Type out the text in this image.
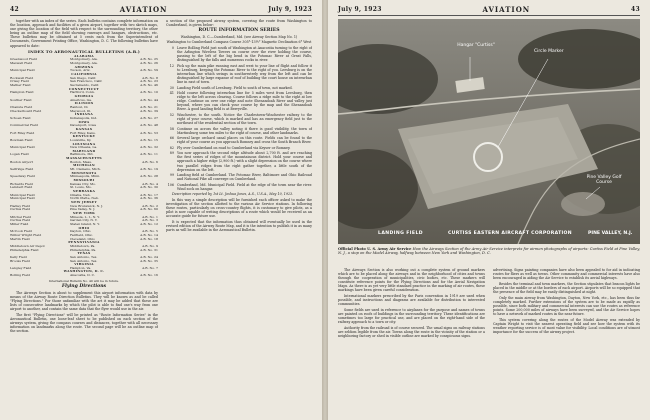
42	AVIATION	July 9, 1923

together with an index of the series. Each bulletin contains complete information on the location, approach and facilities of a given airport, together with two sketch maps, one giving the location of the field with respect to the surrounding territory, the other being an outline map of the field showing runways and hangars, obstructions, etc. These bulletins may be obtained at 5 cents each from the Superintendent of Documents, Government Printing Office, Washington, D. C. The following bulletins have appeared to date:

INDEX TO AERONAUTICAL BULLETINS (A.B.)
ALABAMA		
Greenwood Field	Montgomery, Ala.	A.B. No. 25
Maxwell Field	Montgomery, Ala.	A.B. No. 26
ARIZONA		
Municipal Field	Tucson, Ariz.	A.B. No. 59
CALIFORNIA		
Rockwell Field	San Diego, Calif.	A.B. No. 8
Crissy Field	San Francisco, Calif.	A.B. No. 23
Mather Field	Sacramento, Calif.	A.B. No. 46
CONNECTICUT		
Hampton Field	Hartford, Conn.	A.B. No. 10
GEORGIA		
Souther Field	Americus, Ga.	A.B. No. 44
ILLINOIS		
Chanute Field	Rantoul, Ill.	A.B. No. 21
Checkerboard Field	Maywood, Ill.	A.B. No. 39
INDIANA		
Schoen Field	Indianapolis, Ind.	A.B. No. 27
IOWA		
Commercial Field	Davenport, Iowa	A.B. No. 48
KANSAS		
Fort Riley Field	Fort Riley, Kans.	A.B. No. 53
KENTUCKY		
Bowman Field	Louisville, Ky.	A.B. No. 15
LOUISIANA		
Municipal Field	New Orleans, La.	A.B. No. 32
MARYLAND		
Logan Field	Baltimore, Md.	A.B. No. 11
MASSACHUSETTS		
Boston Airport	Boston, Mass.	A.B. No. 6
MICHIGAN		
Selfridge Field	Mt. Clemens, Mich.	A.B. No. 19
MINNESOTA		
Speedway Field	Minneapolis, Minn.	A.B. No. 28
MISSOURI		
Richards Field	Kansas City, Mo.	A.B. No. 4
Lambert Field	St. Louis, Mo.	A.B. No. 30
NEBRASKA		
Municipal Field	Omaha, Neb.	A.B. No. 17
Municipal Field	North Platte, Neb.	A.B. No. 36
NEW JERSEY		
Hadley Field	New Brunswick, N. J.	A.B. No. 2
Curtiss Field	Pine Valley, N. J.	A.B. No. 60
NEW YORK		
Mitchel Field	Mineola, L. I., N. Y.	A.B. No. 1
Curtiss Field	Garden City, N. Y.	A.B. No. 3
Miller Field	Staten Island, N. Y.	A.B. No. 12
OHIO		
McCook Field	Dayton, Ohio	A.B. No. 5
Wilbur Wright Field	Fairfield, Ohio	A.B. No. 14
Martin Field	Cleveland, Ohio	A.B. No. 18
PENNSYLVANIA		
Middletown Air Depot	Middletown, Pa.	A.B. No. 9
Philadelphia Field	Philadelphia, Pa.	A.B. No. 31
TEXAS		
Kelly Field	San Antonio, Tex.	A.B. No. 24
Brooks Field	San Antonio, Tex.	A.B. No. 35
VIRGINIA		
Langley Field	Hampton, Va.	A.B. No. 7
WASHINGTON, D. C.		
Bolling Field	Anacostia, D. C.	A.B. No. 16
International Bulletin No. 40 will be in future.
Flying Directions

The Airways Section is about to supplement this airport information with data by means of the Airway Route Direction Bulletins. They will be known as and be called "Flying Directions." For those unfamiliar with the art it may be added that these are lists of consecutive landmarks by which the pilot is able to find one's way from one airport to another, and contain the same data that the flyer would use in the air.

The first "Flying Directions" will be printed as "Route Information Series" in the Aeronautical Bulletin, one loose-leaf sheet to be published on each section of the airways system, giving the compass courses and distances, together with all necessary information on landmarks along the route. The second page will be an outline map of the section.

a section of the proposed airway system, covering the route from Washington to Cumberland, is given below:

ROUTE INFORMATION SERIES
Washington, D. C.—Cumberland, Md. (see Airway Section Map No. 1)
Washington to Cumberland Compass Course 305°-13½° Magnetic Declination 6° West
0 Leave Bolling Field just south of Washington at Anacostia turning to the right of the Arlington Wireless Towers on course over the river holding the course, passing to the left of the big bend in the Potomac River at Great Falls, distinguished by the falls and numerous rocks in river.
12 Pick up the main pike running east and west to your line of flight and follow it to Leesburg, keeping the Potomac River to the right of you. Leesburg is on the interurban line which swings in southwesterly way from the left and can be distinguished by large expanse of roof of building the court house on interurban line in east of town.
30 Landing Field south of Leesburg. Field to south of town, not marked.
41 Hold course following interurban line for 5 miles west from Leesburg, then ridge to the left across clearing. Course follows a ridge mile to the right at low ridge. Continue on over one ridge and note Shenandoah River and valley just beyond, where you can check your course by the map and the Shenandoah River. A good landing field is at Berryville.
52 Winchester, to the south. Notice the Charlestown-Winchester railway to the right of your course, which is marked and has an emergency field just to the northeast of the residential section of the town.
58 Continue on across the valley noting it there is good visibility, the town of Martinsburg some ten miles to the right of course, and other landmarks.
66 Several large orchard canal places on this route. Fields can be found to the right of your course as you approach Romney and cross the South Branch River.
82 Fly over Cumberland on road to Cumberland via Keyser or Romney.
89 You now approach the second ridge altitude about 2,700 ft. and are reaching the first series of ridges of the mountainous district. Hold your course and approach a higher ridge (2,900 ft.) with a slight depression on the course where two parallel ridges from the right gather together, a little south of the depression on the left.
99 Landing field at Cumberland. The Potomac River, Baltimore and Ohio Railroad and National Pike all converge on Cumberland.
106 Cumberland, Md. Municipal Field. Field at the edge of the town near the river. Wind sock on hangar.

Description reported by 1st Lt. Joshua Jones, A.S., U.S.A., May 10, 1923.

In this way a simple description will be furnished each officer asked to make the investigation of the section allotted to the various Air Service stations. In following these routes, particularly on cross-country flights, it is customary to give pilots, as a pilot is now capable of writing descriptions of a route which would be received as an accurate guide for future use.

It is expected that the information thus obtained will eventually be used in the revised edition of the Airway Route Map, and it is the intention to publish it in as many parts as will be available in the Aeronautical Bulletin.

July 9, 1923	AVIATION	43
Hangar "Curtiss"
Circle Marker
Pine Valley Golf Course
LANDING FIELD	CURTISS EASTERN AIRCRAFT CORPORATION	PINE VALLEY, N.J.
Official Photo U. S. Army Air Service How the Airways Section of the Army Air Service interprets for airmen photographs of airports: Curtiss Field at Pine Valley, N. J., a stop on the Model Airway, halfway between New York and Washington, D. C.

The Airways Section is also working out a complete system of ground markers which are to be placed along the airways and in the neighborhood of cities and towns through the cooperation of municipalities, civic bodies, etc. These markers will constitute reference points for the Flying Directions and for the Aerial Navigation Maps. As there is as yet very little standard practice in the marking of air routes, these markings have been given careful consideration.

International markers prescribed by the Paris convention in 1919 are used when possible, and instructions and diagrams are available for distribution to interested communities.

Some fields are used in reference to airplanes for the purpose and names of towns are painted on roofs of buildings in the surrounding territory. These identifications are sometimes too large for practical use, and are placed on the right-hand side of the railway approach to a town or city.

Authority from the railroad is of course secured. The usual signs on railway stations are seldom legible from the air. Towns along the route in the vicinity of the station or a neighboring factory or shed in visible outline are marked by conspicuous signs.

advertising. Signs painting companies have also been appealed to for aid in indicating routes for fliers as well as towns. Other community and commercial interests have also been encouraged in aiding the Air Service to establish its aerial highways.

Besides the terminal and town markers, the Section stipulates that beacon lights be placed in the middle or at the borders of each airport. Airports will be so equipped that the presence of the field may be easily distinguished at night.

Only the main airway from Washington, Dayton, New York, etc., has been thus far completely marked. Further extensions of the system are to be made as rapidly as possible, since both military and commercial interests can use the routes as reference points. Some 200,000 miles of airways have been surveyed, and the Air Service hopes to have a network of marked routes in the near future.

This system covering along the routes of the Model Airway was extended by Captain Wright to visit the nearest operating field and see how the system with its weather reporting service is of most value for visibility. Local conditions are of utmost importance for the success of the airway project.
